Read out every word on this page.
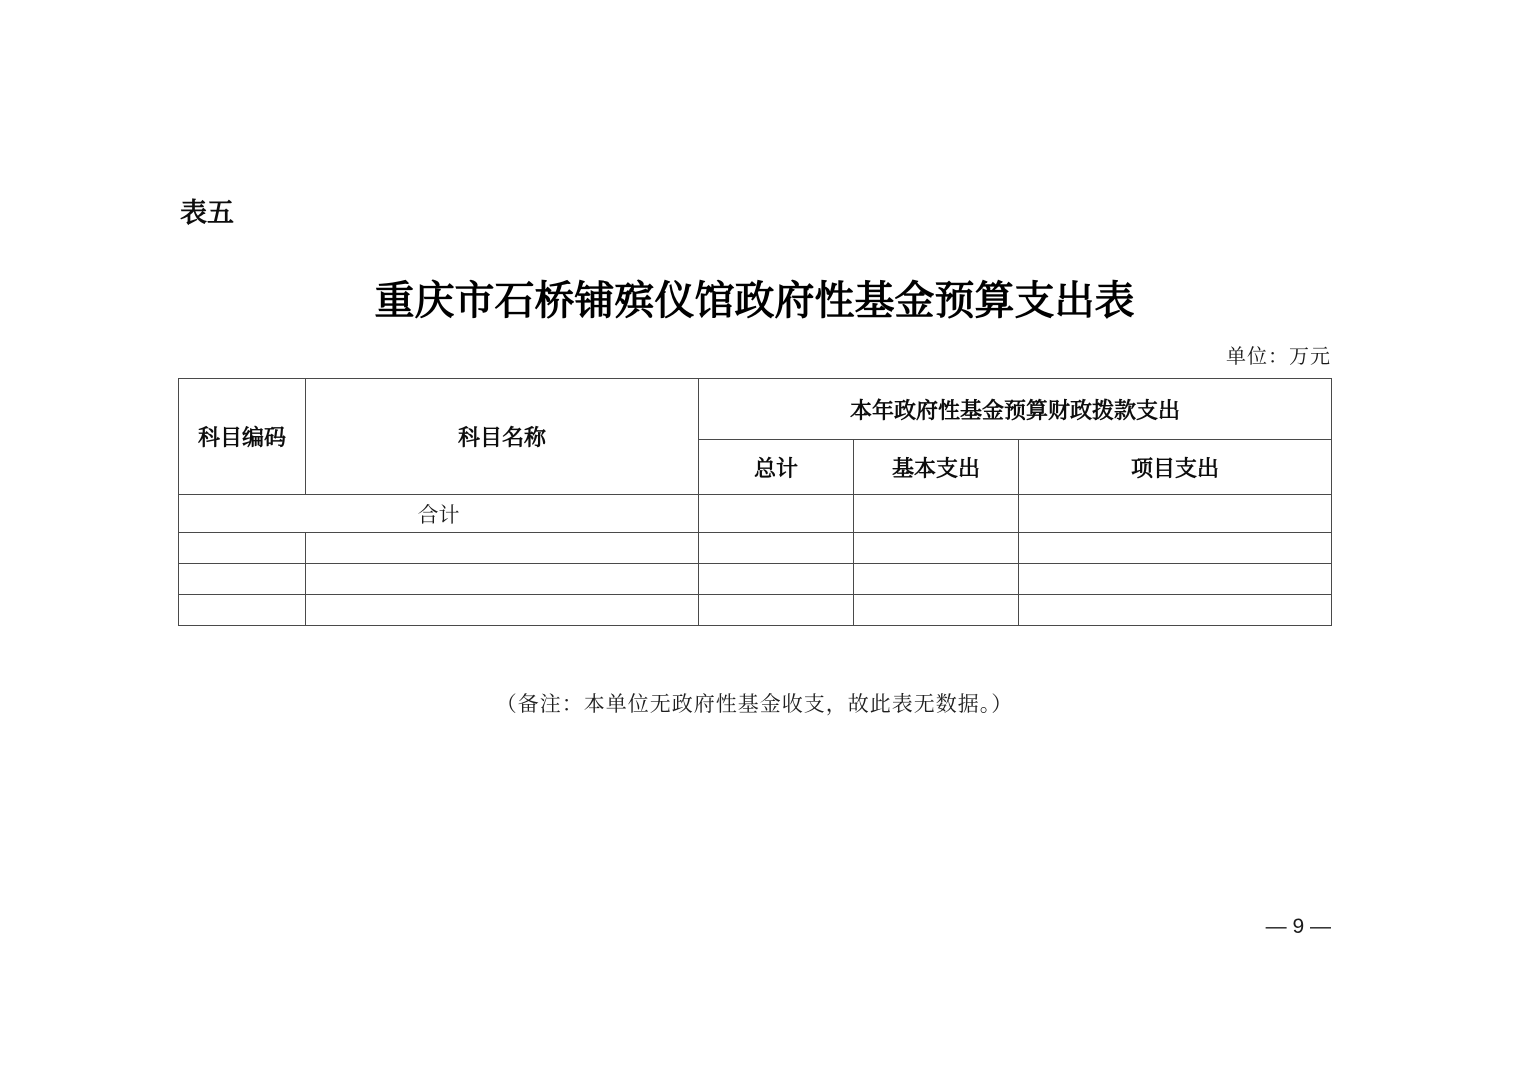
表五
重庆市石桥铺殡仪馆政府性基金预算支出表
单位：万元
科目编码	科目名称	本年政府性基金预算财政拨款支出		
		总计	基本支出	项目支出
合计				

（备注：本单位无政府性基金收支，故此表无数据。）
— 9 —
